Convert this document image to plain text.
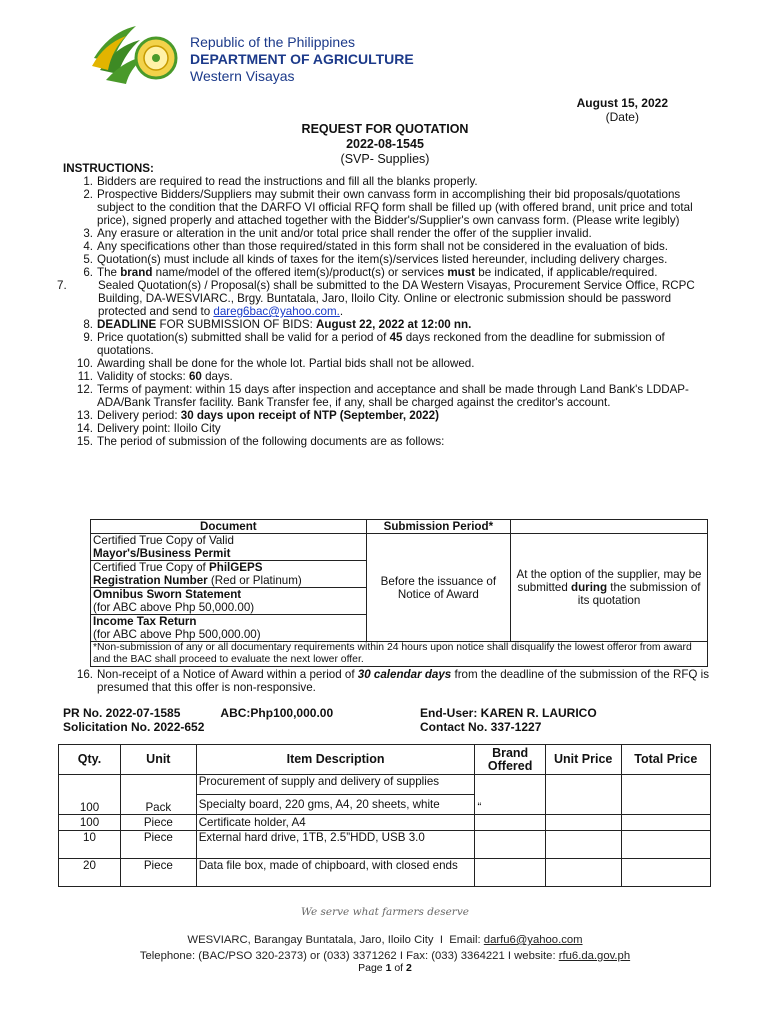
Republic of the Philippines
DEPARTMENT OF AGRICULTURE
Western Visayas
August 15, 2022
(Date)
REQUEST FOR QUOTATION
2022-08-1545
(SVP- Supplies)
INSTRUCTIONS:
1. Bidders are required to read the instructions and fill all the blanks properly.
2. Prospective Bidders/Suppliers may submit their own canvass form in accomplishing their bid proposals/quotations subject to the condition that the DARFO VI official RFQ form shall be filled up (with offered brand, unit price and total price), signed properly and attached together with the Bidder's/Supplier's own canvass form. (Please write legibly)
3. Any erasure or alteration in the unit and/or total price shall render the offer of the supplier invalid.
4. Any specifications other than those required/stated in this form shall not be considered in the evaluation of bids.
5. Quotation(s) must include all kinds of taxes for the item(s)/services listed hereunder, including delivery charges.
6. The brand name/model of the offered item(s)/product(s) or services must be indicated, if applicable/required.
7.	Sealed Quotation(s) / Proposal(s) shall be submitted to the DA Western Visayas, Procurement Service Office, RCPC Building, DA-WESVIARC., Brgy. Buntatala, Jaro, Iloilo City. Online or electronic submission should be password protected and send to dareg6bac@yahoo.com..
8. DEADLINE FOR SUBMISSION OF BIDS: August 22, 2022 at 12:00 nn.
9. Price quotation(s) submitted shall be valid for a period of 45 days reckoned from the deadline for submission of quotations.
10. Awarding shall be done for the whole lot. Partial bids shall not be allowed.
11. Validity of stocks: 60 days.
12. Terms of payment: within 15 days after inspection and acceptance and shall be made through Land Bank's LDDAP-ADA/Bank Transfer facility. Bank Transfer fee, if any, shall be charged against the creditor's account.
13. Delivery period: 30 days upon receipt of NTP (September, 2022)
14. Delivery point: Iloilo City
15. The period of submission of the following documents are as follows:
Document	Submission Period*	
Certified True Copy of Valid
Mayor's/Business Permit	Before the issuance of Notice of Award	At the option of the supplier, may be submitted during the submission of its quotation
Certified True Copy of PhilGEPS
Registration Number (Red or Platinum)		
Omnibus Sworn Statement
(for ABC above Php 50,000.00)		
Income Tax Return
(for ABC above Php 500,000.00)		
*Non-submission of any or all documentary requirements within 24 hours upon notice shall disqualify the lowest offeror from award and the BAC shall proceed to evaluate the next lower offer.		
16. Non-receipt of a Notice of Award within a period of 30 calendar days from the deadline of the submission of the RFQ is presumed that this offer is non-responsive.
PR No. 2022-07-1585	ABC:Php100,000.00
Solicitation No. 2022-652
End-User: KAREN R. LAURICO
Contact No. 337-1227
Qty.	Unit	Item Description	Brand Offered	Unit Price	Total Price
100	Pack	Procurement of supply and delivery of supplies	“		
		Specialty board, 220 gms, A4, 20 sheets, white			
100	Piece	Certificate holder, A4			
10	Piece	External hard drive, 1TB, 2.5”HDD, USB 3.0			
20	Piece	Data file box, made of chipboard, with closed ends			
We serve what farmers deserve
WESVIARC, Barangay Buntatala, Jaro, Iloilo City I Email: darfu6@yahoo.com
Telephone: (BAC/PSO 320-2373) or (033) 3371262 I Fax: (033) 3364221 I website: rfu6.da.gov.ph
Page 1 of 2
